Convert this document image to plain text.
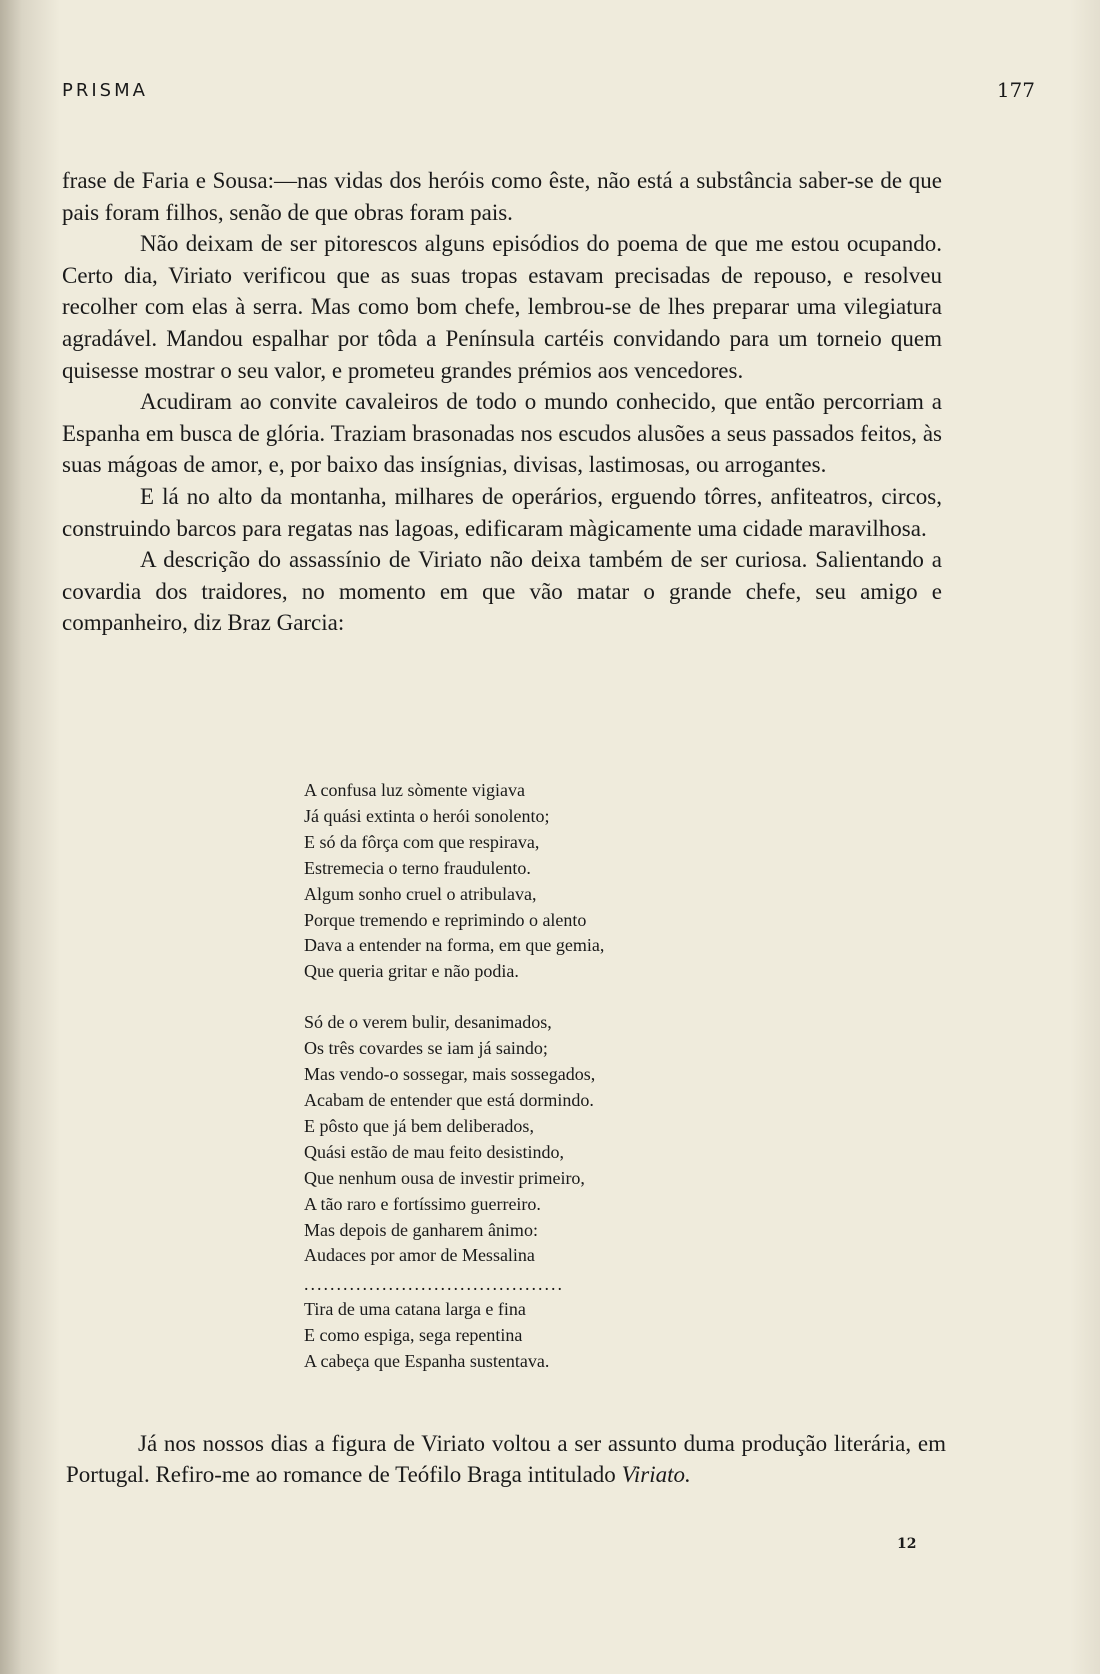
PRISMA	177

frase de Faria e Sousa:—nas vidas dos heróis como êste, não está a substância saber-se de que pais foram filhos, senão de que obras foram pais.

Não deixam de ser pitorescos alguns episódios do poema de que me estou ocupando. Certo dia, Viriato verificou que as suas tropas estavam precisadas de repouso, e resolveu recolher com elas à serra. Mas como bom chefe, lembrou-se de lhes preparar uma vilegiatura agradável. Mandou espalhar por tôda a Península cartéis convidando para um torneio quem quisesse mostrar o seu valor, e prometeu grandes prémios aos vencedores.

Acudiram ao convite cavaleiros de todo o mundo conhecido, que então percorriam a Espanha em busca de glória. Traziam brasonadas nos escudos alusões a seus passados feitos, às suas mágoas de amor, e, por baixo das insígnias, divisas, lastimosas, ou arrogantes.

E lá no alto da montanha, milhares de operários, erguendo tôrres, anfiteatros, circos, construindo barcos para regatas nas lagoas, edificaram màgicamente uma cidade maravilhosa.

A descrição do assassínio de Viriato não deixa também de ser curiosa. Salientando a covardia dos traidores, no momento em que vão matar o grande chefe, seu amigo e companheiro, diz Braz Garcia:

A confusa luz sòmente vigiava
Já quási extinta o herói sonolento;
E só da fôrça com que respirava,
Estremecia o terno fraudulento.
Algum sonho cruel o atribulava,
Porque tremendo e reprimindo o alento
Dava a entender na forma, em que gemia,
Que queria gritar e não podia.
Só de o verem bulir, desanimados,
Os três covardes se iam já saindo;
Mas vendo-o sossegar, mais sossegados,
Acabam de entender que está dormindo.
E pôsto que já bem deliberados,
Quási estão de mau feito desistindo,
Que nenhum ousa de investir primeiro,
A tão raro e fortíssimo guerreiro.
Mas depois de ganharem ânimo:
Audaces por amor de Messalina
........................................
Tira de uma catana larga e fina
E como espiga, sega repentina
A cabeça que Espanha sustentava.

Já nos nossos dias a figura de Viriato voltou a ser assunto duma produção literária, em Portugal. Refiro-me ao romance de Teófilo Braga intitulado Viriato.

12
